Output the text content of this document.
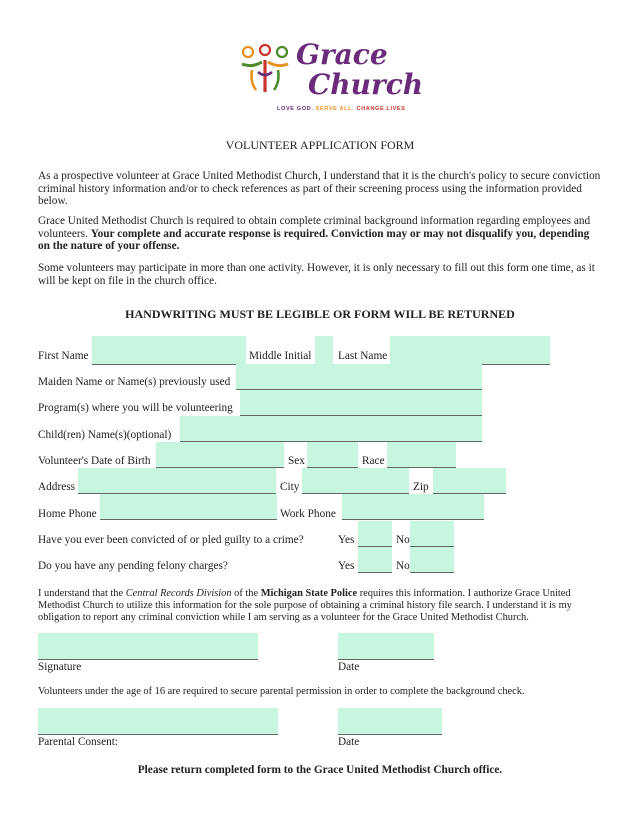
Grace
Church
LOVE GOD. SERVE ALL. CHANGE LIVES
VOLUNTEER APPLICATION FORM
As a prospective volunteer at Grace United Methodist Church, I understand that it is the church's policy to secure conviction criminal history information and/or to check references as part of their screening process using the information provided below.
Grace United Methodist Church is required to obtain complete criminal background information regarding employees and volunteers. Your complete and accurate response is required. Conviction may or may not disqualify you, depending on the nature of your offense.
Some volunteers may participate in more than one activity. However, it is only necessary to fill out this form one time, as it will be kept on file in the church office.
HANDWRITING MUST BE LEGIBLE OR FORM WILL BE RETURNED
First Name	Middle Initial Last Name
Maiden Name or Name(s) previously used
Program(s) where you will be volunteering
Child(ren) Name(s)(optional)
Volunteer's Date of Birth	Sex	Race
Address	City	Zip
Home Phone	Work Phone
Have you ever been convicted of or pled guilty to a crime?	Yes	No
Do you have any pending felony charges?	Yes	No
I understand that the Central Records Division of the Michigan State Police requires this information. I authorize Grace United Methodist Church to utilize this information for the sole purpose of obtaining a criminal history file search. I understand it is my obligation to report any criminal conviction while I am serving as a volunteer for the Grace United Methodist Church.
Signature	Date
Volunteers under the age of 16 are required to secure parental permission in order to complete the background check.
Parental Consent:	Date
Please return completed form to the Grace United Methodist Church office.
